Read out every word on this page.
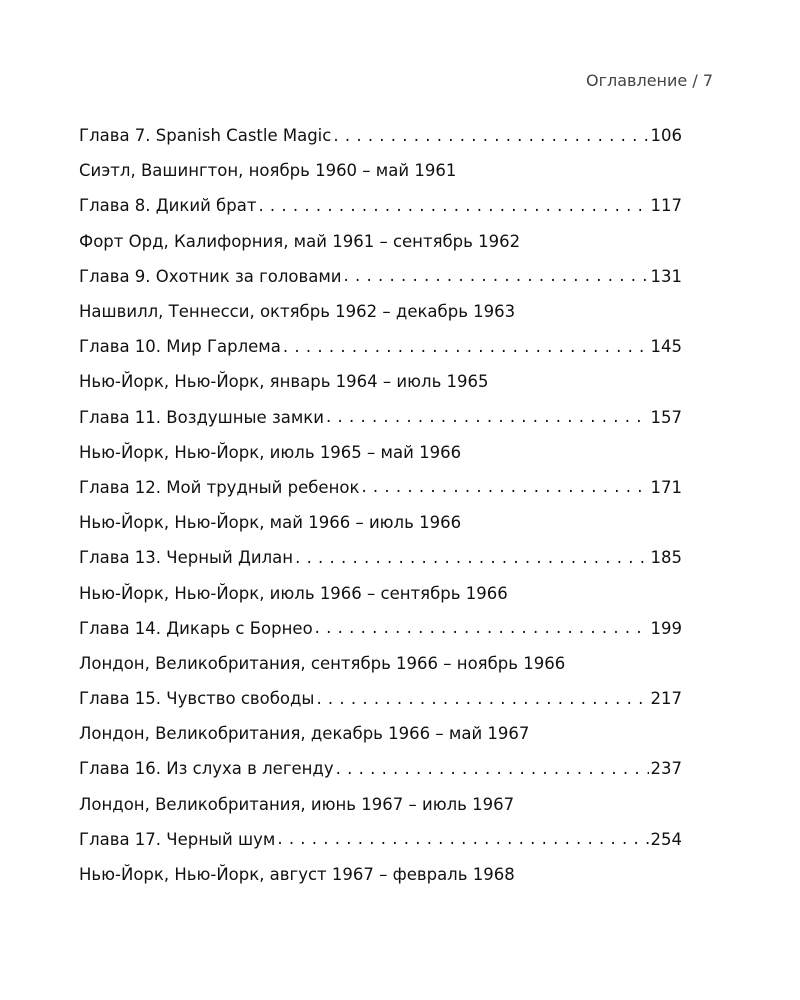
Оглавление / 7
Глава 7. Spanish Castle Magic . . .	106
Сиэтл, Вашингтон, ноябрь 1960 – май 1961
Глава 8. Дикий брат . . .	117
Форт Орд, Калифорния, май 1961 – сентябрь 1962
Глава 9. Охотник за головами . . .	131
Нашвилл, Теннесси, октябрь 1962 – декабрь 1963
Глава 10. Мир Гарлема . . .	145
Нью-Йорк, Нью-Йорк, январь 1964 – июль 1965
Глава 11. Воздушные замки . . .	157
Нью-Йорк, Нью-Йорк, июль 1965 – май 1966
Глава 12. Мой трудный ребенок . . .	171
Нью-Йорк, Нью-Йорк, май 1966 – июль 1966
Глава 13. Черный Дилан . . .	185
Нью-Йорк, Нью-Йорк, июль 1966 – сентябрь 1966
Глава 14. Дикарь с Борнео . . .	199
Лондон, Великобритания, сентябрь 1966 – ноябрь 1966
Глава 15. Чувство свободы . . .	217
Лондон, Великобритания, декабрь 1966 – май 1967
Глава 16. Из слуха в легенду . . .	237
Лондон, Великобритания, июнь 1967 – июль 1967
Глава 17. Черный шум . . .	254
Нью-Йорк, Нью-Йорк, август 1967 – февраль 1968
